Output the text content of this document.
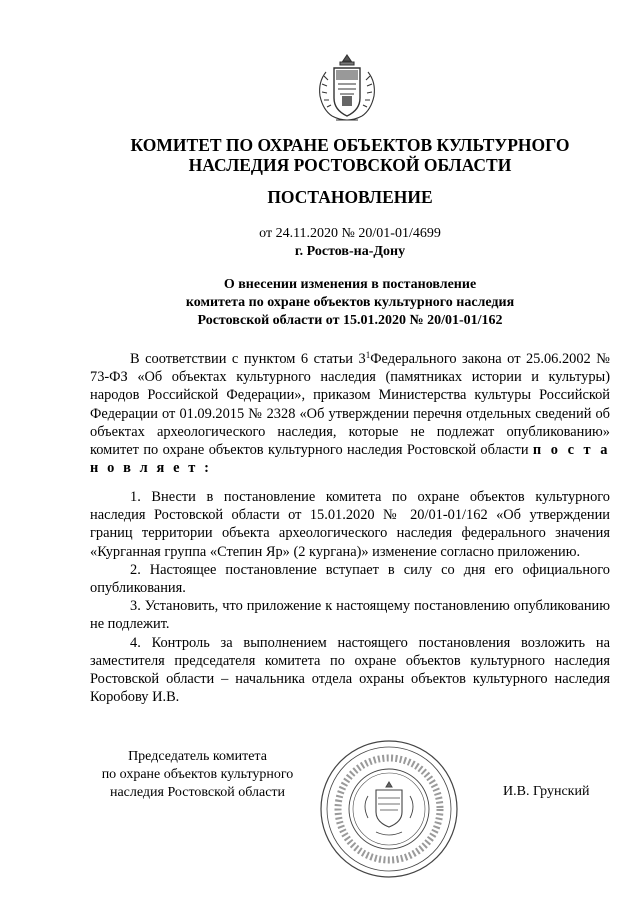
КОМИТЕТ ПО ОХРАНЕ ОБЪЕКТОВ КУЛЬТУРНОГО
НАСЛЕДИЯ РОСТОВСКОЙ ОБЛАСТИ
ПОСТАНОВЛЕНИЕ
от 24.11.2020 № 20/01-01/4699
г. Ростов-на-Дону
О внесении изменения в постановление
комитета по охране объектов культурного наследия
Ростовской области от 15.01.2020 № 20/01-01/162

В соответствии с пунктом 6 статьи $3^1Федерального$ закона от 25.06.2002 № 73-ФЗ «Об объектах культурного наследия (памятниках истории и культуры) народов Российской Федерации», приказом Министерства культуры Российской Федерации от 01.09.2015 № 2328 «Об утверждении перечня отдельных сведений об объектах археологического наследия, которые не подлежат опубликованию» комитет по охране объектов культурного наследия Ростовской области п о с т а н о в л я е т :

1. Внести в постановление комитета по охране объектов культурного наследия Ростовской области от 15.01.2020 № 20/01-01/162 «Об утверждении границ территории объекта археологического наследия федерального значения «Курганная группа «Степин Яр» (2 кургана)» изменение согласно приложению.

2. Настоящее постановление вступает в силу со дня его официального опубликования.

3. Установить, что приложение к настоящему постановлению опубликованию не подлежит.

4. Контроль за выполнением настоящего постановления возложить на заместителя председателя комитета по охране объектов культурного наследия Ростовской области – начальника отдела охраны объектов культурного наследия Коробову И.В.

Председатель комитета
по охране объектов культурного
наследия Ростовской области	И.В. Грунский
